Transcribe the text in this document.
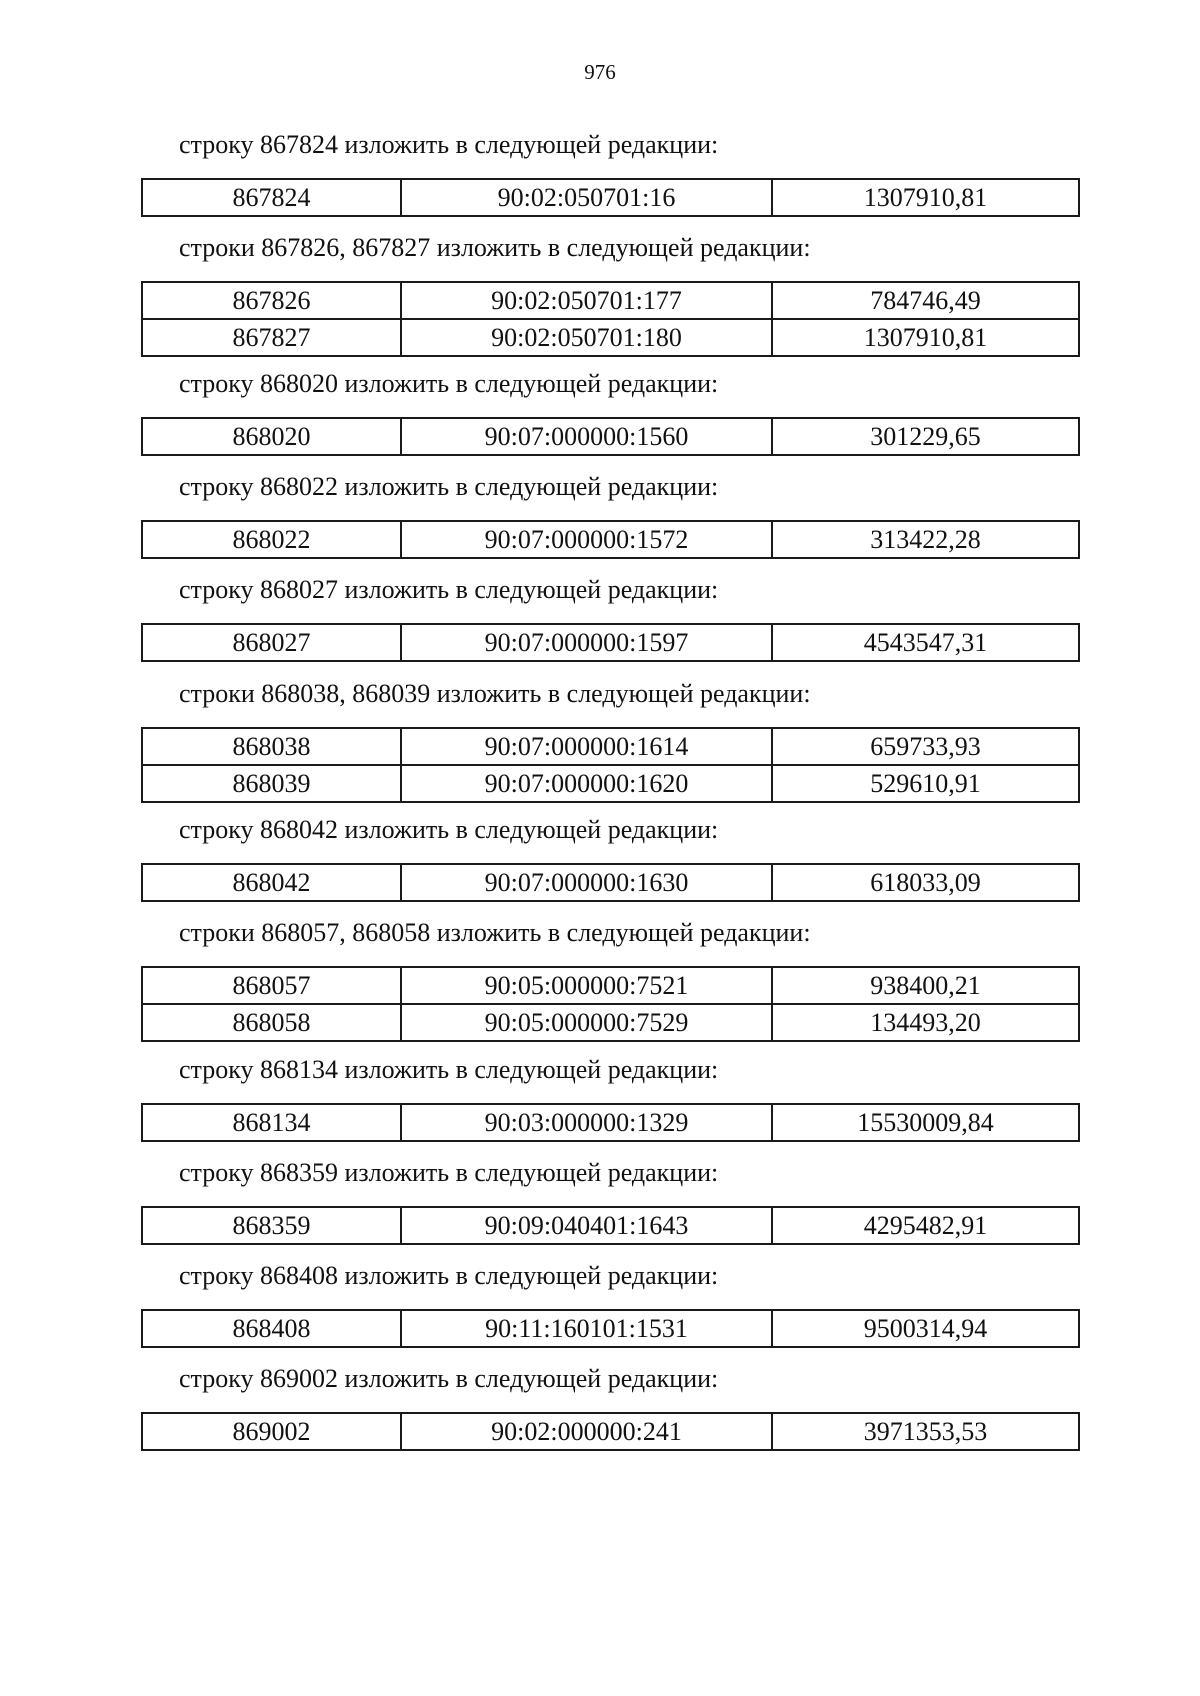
976

строку 867824 изложить в следующей редакции:

867824	90:02:050701:16	1307910,81

строки 867826, 867827 изложить в следующей редакции:

867826	90:02:050701:177	784746,49
867827	90:02:050701:180	1307910,81

строку 868020 изложить в следующей редакции:

868020	90:07:000000:1560	301229,65

строку 868022 изложить в следующей редакции:

868022	90:07:000000:1572	313422,28

строку 868027 изложить в следующей редакции:

868027	90:07:000000:1597	4543547,31

строки 868038, 868039 изложить в следующей редакции:

868038	90:07:000000:1614	659733,93
868039	90:07:000000:1620	529610,91

строку 868042 изложить в следующей редакции:

868042	90:07:000000:1630	618033,09

строки 868057, 868058 изложить в следующей редакции:

868057	90:05:000000:7521	938400,21
868058	90:05:000000:7529	134493,20

строку 868134 изложить в следующей редакции:

868134	90:03:000000:1329	15530009,84

строку 868359 изложить в следующей редакции:

868359	90:09:040401:1643	4295482,91

строку 868408 изложить в следующей редакции:

868408	90:11:160101:1531	9500314,94

строку 869002 изложить в следующей редакции:

869002	90:02:000000:241	3971353,53
